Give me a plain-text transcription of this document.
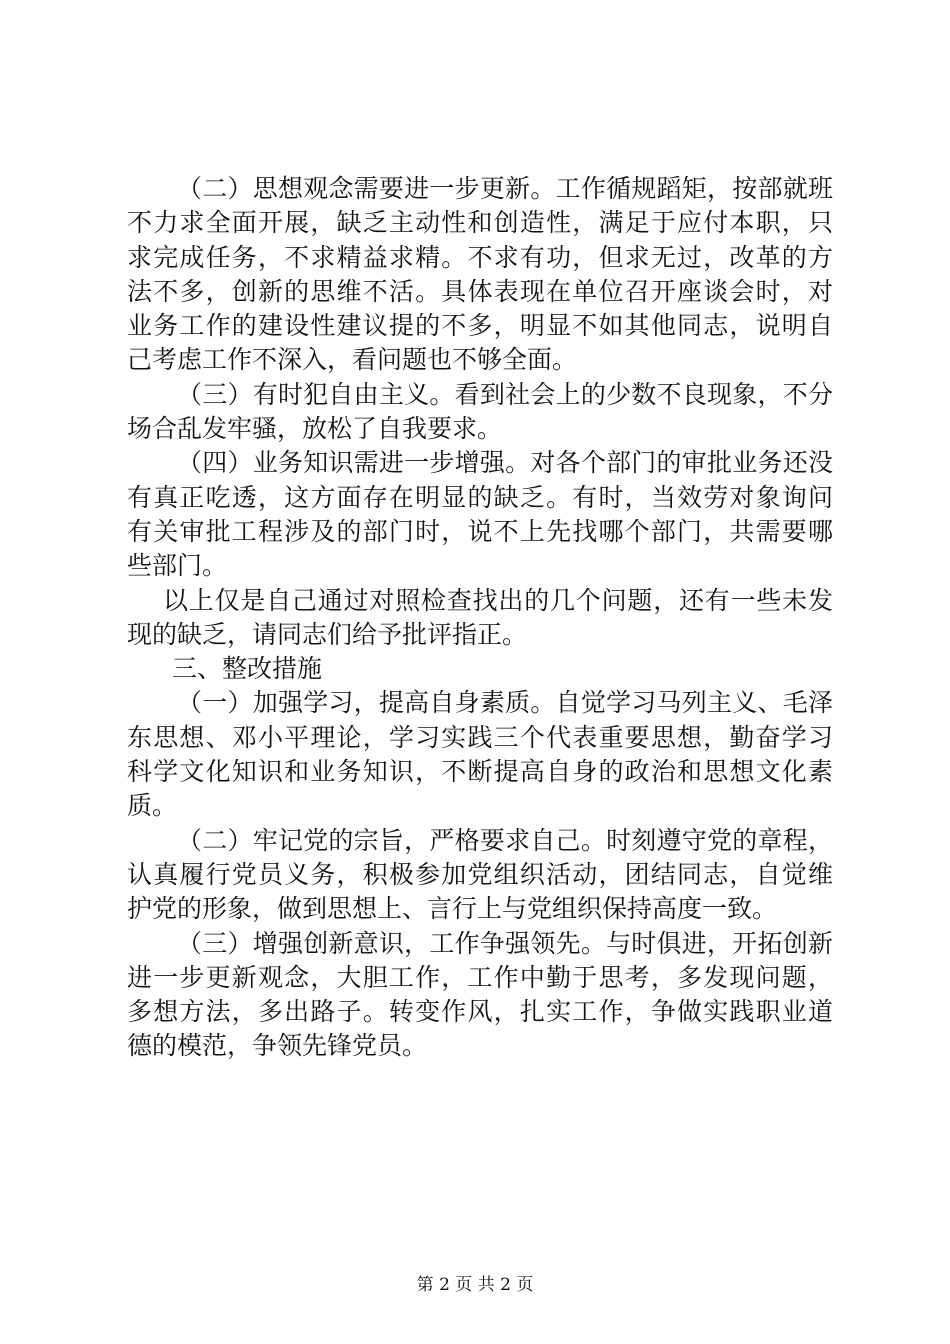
（二）思想观念需要进一步更新。工作循规蹈矩，按部就班
不力求全面开展，缺乏主动性和创造性，满足于应付本职，只
求完成任务，不求精益求精。不求有功，但求无过，改革的方
法不多，创新的思维不活。具体表现在单位召开座谈会时，对
业务工作的建设性建议提的不多，明显不如其他同志，说明自
己考虑工作不深入，看问题也不够全面。
（三）有时犯自由主义。看到社会上的少数不良现象，不分
场合乱发牢骚，放松了自我要求。
（四）业务知识需进一步增强。对各个部门的审批业务还没
有真正吃透，这方面存在明显的缺乏。有时，当效劳对象询问
有关审批工程涉及的部门时，说不上先找哪个部门，共需要哪
些部门。
以上仅是自己通过对照检查找出的几个问题，还有一些未发
现的缺乏，请同志们给予批评指正。
三、整改措施
（一）加强学习，提高自身素质。自觉学习马列主义、毛泽
东思想、邓小平理论，学习实践三个代表重要思想，勤奋学习
科学文化知识和业务知识，不断提高自身的政治和思想文化素
质。
（二）牢记党的宗旨，严格要求自己。时刻遵守党的章程，
认真履行党员义务，积极参加党组织活动，团结同志，自觉维
护党的形象，做到思想上、言行上与党组织保持高度一致。
（三）增强创新意识，工作争强领先。与时俱进，开拓创新
进一步更新观念，大胆工作，工作中勤于思考，多发现问题，
多想方法，多出路子。转变作风，扎实工作，争做实践职业道
德的模范，争领先锋党员。
第 2 页 共 2 页
